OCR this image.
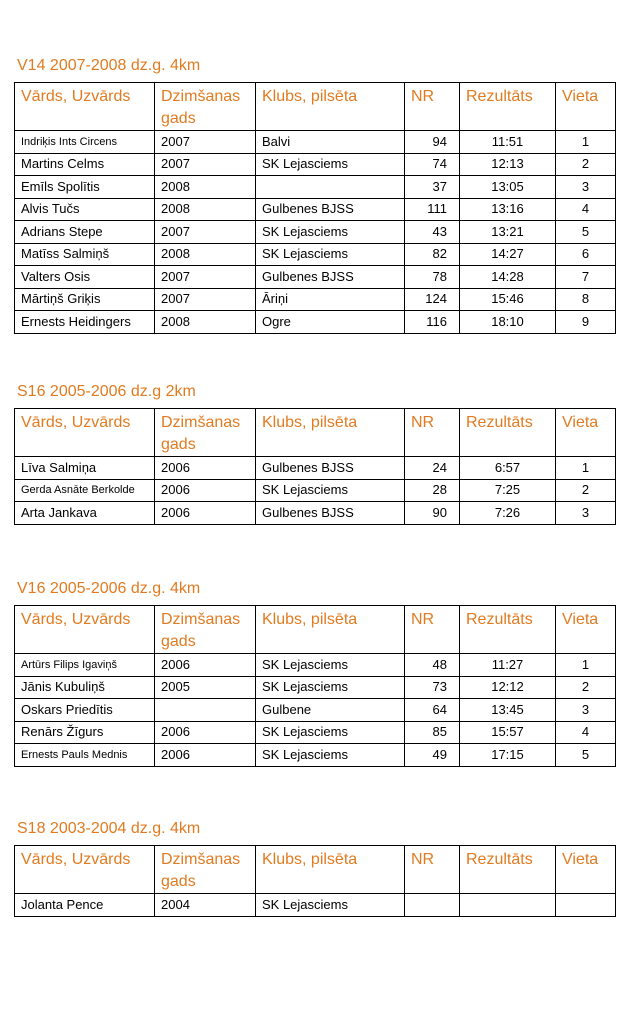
V14 2007-2008 dz.g. 4km
Vārds, Uzvārds	Dzimšanas gads	Klubs, pilsēta	NR	Rezultāts	Vieta
Indriķis Ints Circens	2007	Balvi	94	11:51	1
Martins Celms	2007	SK Lejasciems	74	12:13	2
Emīls Spolītis	2008		37	13:05	3
Alvis Tučs	2008	Gulbenes BJSS	111	13:16	4
Adrians Stepe	2007	SK Lejasciems	43	13:21	5
Matīss Salmiņš	2008	SK Lejasciems	82	14:27	6
Valters Osis	2007	Gulbenes BJSS	78	14:28	7
Mārtiņš Griķis	2007	Āriņi	124	15:46	8
Ernests Heidingers	2008	Ogre	116	18:10	9
S16 2005-2006 dz.g 2km
Vārds, Uzvārds	Dzimšanas gads	Klubs, pilsēta	NR	Rezultāts	Vieta
Līva Salmiņa	2006	Gulbenes BJSS	24	6:57	1
Gerda Asnāte Berkolde	2006	SK Lejasciems	28	7:25	2
Arta Jankava	2006	Gulbenes BJSS	90	7:26	3
V16 2005-2006 dz.g. 4km
Vārds, Uzvārds	Dzimšanas gads	Klubs, pilsēta	NR	Rezultāts	Vieta
Artūrs Filips Igaviņš	2006	SK Lejasciems	48	11:27	1
Jānis Kubuliņš	2005	SK Lejasciems	73	12:12	2
Oskars Priedītis		Gulbene	64	13:45	3
Renārs Žīgurs	2006	SK Lejasciems	85	15:57	4
Ernests Pauls Mednis	2006	SK Lejasciems	49	17:15	5
S18 2003-2004 dz.g. 4km
Vārds, Uzvārds	Dzimšanas gads	Klubs, pilsēta	NR	Rezultāts	Vieta
Jolanta Pence	2004	SK Lejasciems			
